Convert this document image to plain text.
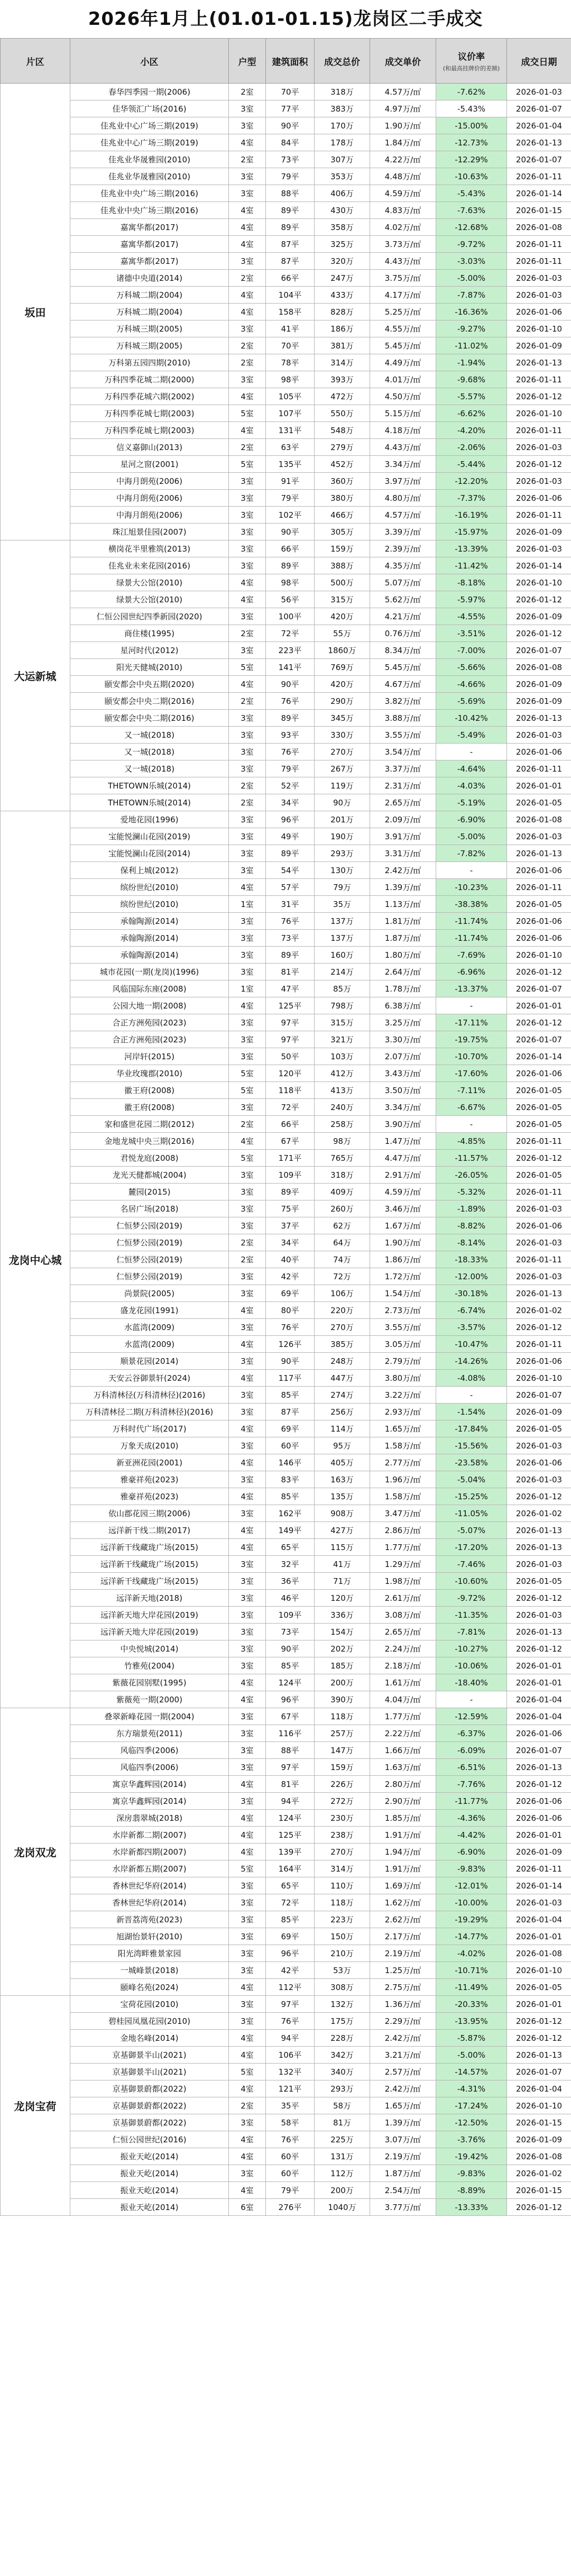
2026年1月上(01.01-01.15)龙岗区二手成交
片区	小区	户型	建筑面积	成交总价	成交单价	议价率
(和最高挂牌价的差额)	成交日期
坂田	春华四季园一期(2006)	2室	70平	318万	4.57万/㎡	-7.62%	2026-01-03
	佳华领汇广场(2016)	3室	77平	383万	4.97万/㎡	-5.43%	2026-01-07
	佳兆业中心广场三期(2019)	3室	90平	170万	1.90万/㎡	-15.00%	2026-01-04
	佳兆业中心广场三期(2019)	4室	84平	178万	1.84万/㎡	-12.73%	2026-01-13
	佳兆业华晟雅园(2010)	2室	73平	307万	4.22万/㎡	-12.29%	2026-01-07
	佳兆业华晟雅园(2010)	3室	79平	353万	4.48万/㎡	-10.63%	2026-01-11
	佳兆业中央广场三期(2016)	3室	88平	406万	4.59万/㎡	-5.43%	2026-01-14
	佳兆业中央广场三期(2016)	4室	89平	430万	4.83万/㎡	-7.63%	2026-01-15
	嘉寓华都(2017)	4室	89平	358万	4.02万/㎡	-12.68%	2026-01-08
	嘉寓华都(2017)	4室	87平	325万	3.73万/㎡	-9.72%	2026-01-11
	嘉寓华都(2017)	3室	87平	320万	4.43万/㎡	-3.03%	2026-01-11
	诸德中央道(2014)	2室	66平	247万	3.75万/㎡	-5.00%	2026-01-03
	万科城二期(2004)	4室	104平	433万	4.17万/㎡	-7.87%	2026-01-03
	万科城二期(2004)	4室	158平	828万	5.25万/㎡	-16.36%	2026-01-06
	万科城三期(2005)	3室	41平	186万	4.55万/㎡	-9.27%	2026-01-10
	万科城三期(2005)	2室	70平	381万	5.45万/㎡	-11.02%	2026-01-09
	万科第五园四期(2010)	2室	78平	314万	4.49万/㎡	-1.94%	2026-01-13
	万科四季花城二期(2000)	3室	98平	393万	4.01万/㎡	-9.68%	2026-01-11
	万科四季花城六期(2002)	4室	105平	472万	4.50万/㎡	-5.57%	2026-01-12
	万科四季花城七期(2003)	5室	107平	550万	5.15万/㎡	-6.62%	2026-01-10
	万科四季花城七期(2003)	4室	131平	548万	4.18万/㎡	-4.20%	2026-01-11
	信义嘉御山(2013)	2室	63平	279万	4.43万/㎡	-2.06%	2026-01-03
	星河之窗(2001)	5室	135平	452万	3.34万/㎡	-5.44%	2026-01-12
	中海月朗苑(2006)	3室	91平	360万	3.97万/㎡	-12.20%	2026-01-03
	中海月朗苑(2006)	3室	79平	380万	4.80万/㎡	-7.37%	2026-01-06
	中海月朗苑(2006)	3室	102平	466万	4.57万/㎡	-16.19%	2026-01-11
	珠江旭景佳园(2007)	3室	90平	305万	3.39万/㎡	-15.97%	2026-01-09
大运新城	横岗花半里雅筑(2013)	3室	66平	159万	2.39万/㎡	-13.39%	2026-01-03
	佳兆业未来花园(2016)	3室	89平	388万	4.35万/㎡	-11.42%	2026-01-14
	绿景大公馆(2010)	4室	98平	500万	5.07万/㎡	-8.18%	2026-01-10
	绿景大公馆(2010)	4室	56平	315万	5.62万/㎡	-5.97%	2026-01-12
	仁恒公园世纪四季新园(2020)	3室	100平	420万	4.21万/㎡	-4.55%	2026-01-09
	商住楼(1995)	2室	72平	55万	0.76万/㎡	-3.51%	2026-01-12
	星河时代(2012)	3室	223平	1860万	8.34万/㎡	-7.00%	2026-01-07
	阳光天健城(2010)	5室	141平	769万	5.45万/㎡	-5.66%	2026-01-08
	颐安都会中央五期(2020)	4室	90平	420万	4.67万/㎡	-4.66%	2026-01-09
	颐安都会中央二期(2016)	2室	76平	290万	3.82万/㎡	-5.69%	2026-01-09
	颐安都会中央二期(2016)	3室	89平	345万	3.88万/㎡	-10.42%	2026-01-13
	又一城(2018)	3室	93平	330万	3.55万/㎡	-5.49%	2026-01-03
	又一城(2018)	3室	76平	270万	3.54万/㎡	-	2026-01-06
	又一城(2018)	3室	79平	267万	3.37万/㎡	-4.64%	2026-01-11
	THETOWN乐城(2014)	2室	52平	119万	2.31万/㎡	-4.03%	2026-01-01
	THETOWN乐城(2014)	2室	34平	90万	2.65万/㎡	-5.19%	2026-01-05
龙岗中心城	爱地花园(1996)	3室	96平	201万	2.09万/㎡	-6.90%	2026-01-08
	宝能悦澜山花园(2019)	3室	49平	190万	3.91万/㎡	-5.00%	2026-01-03
	宝能悦澜山花园(2014)	3室	89平	293万	3.31万/㎡	-7.82%	2026-01-13
	保利上城(2012)	3室	54平	130万	2.42万/㎡	-	2026-01-06
	缤纷世纪(2010)	4室	57平	79万	1.39万/㎡	-10.23%	2026-01-11
	缤纷世纪(2010)	1室	31平	35万	1.13万/㎡	-38.38%	2026-01-05
	承翰陶源(2014)	3室	76平	137万	1.81万/㎡	-11.74%	2026-01-06
	承翰陶源(2014)	3室	73平	137万	1.87万/㎡	-11.74%	2026-01-06
	承翰陶源(2014)	3室	89平	160万	1.80万/㎡	-7.69%	2026-01-10
	城市花园(一期(龙岗)(1996)	3室	81平	214万	2.64万/㎡	-6.96%	2026-01-12
	风临国际东座(2008)	1室	47平	85万	1.78万/㎡	-13.37%	2026-01-07
	公园大地一期(2008)	4室	125平	798万	6.38万/㎡	-	2026-01-01
	合正方洲苑园(2023)	3室	97平	315万	3.25万/㎡	-17.11%	2026-01-12
	合正方洲苑园(2023)	3室	97平	321万	3.30万/㎡	-19.75%	2026-01-07
	河岸轩(2015)	3室	50平	103万	2.07万/㎡	-10.70%	2026-01-14
	华业玫瑰郡(2010)	5室	120平	412万	3.43万/㎡	-17.60%	2026-01-06
	徽王府(2008)	5室	118平	413万	3.50万/㎡	-7.11%	2026-01-05
	徽王府(2008)	3室	72平	240万	3.34万/㎡	-6.67%	2026-01-05
	家和盛世花园二期(2012)	2室	66平	258万	3.90万/㎡	-	2026-01-05
	金地龙城中央三期(2016)	4室	67平	98万	1.47万/㎡	-4.85%	2026-01-11
	君悦龙庭(2008)	5室	171平	765万	4.47万/㎡	-11.57%	2026-01-12
	龙光天健都城(2004)	3室	109平	318万	2.91万/㎡	-26.05%	2026-01-05
	麓园(2015)	3室	89平	409万	4.59万/㎡	-5.32%	2026-01-11
	名居广场(2018)	3室	75平	260万	3.46万/㎡	-1.89%	2026-01-03
	仁恒梦公园(2019)	3室	37平	62万	1.67万/㎡	-8.82%	2026-01-06
	仁恒梦公园(2019)	2室	34平	64万	1.90万/㎡	-8.14%	2026-01-03
	仁恒梦公园(2019)	2室	40平	74万	1.86万/㎡	-18.33%	2026-01-11
	仁恒梦公园(2019)	3室	42平	72万	1.72万/㎡	-12.00%	2026-01-03
	尚景院(2005)	3室	69平	106万	1.54万/㎡	-30.18%	2026-01-13
	盛龙花园(1991)	4室	80平	220万	2.73万/㎡	-6.74%	2026-01-02
	水蓝湾(2009)	3室	76平	270万	3.55万/㎡	-3.57%	2026-01-12
	水蓝湾(2009)	4室	126平	385万	3.05万/㎡	-10.47%	2026-01-11
	顺景花园(2014)	3室	90平	248万	2.79万/㎡	-14.26%	2026-01-06
	天安云谷御景轩(2024)	4室	117平	447万	3.80万/㎡	-4.08%	2026-01-10
	万科清林径(万科清林径)(2016)	3室	85平	274万	3.22万/㎡	-	2026-01-07
	万科清林径二期(万科清林径)(2016)	3室	87平	256万	2.93万/㎡	-1.54%	2026-01-09
	万科时代广场(2017)	4室	69平	114万	1.65万/㎡	-17.84%	2026-01-05
	万象天成(2010)	3室	60平	95万	1.58万/㎡	-15.56%	2026-01-03
	新亚洲花园(2001)	4室	146平	405万	2.77万/㎡	-23.58%	2026-01-06
	雅豪祥苑(2023)	3室	83平	163万	1.96万/㎡	-5.04%	2026-01-03
	雅豪祥苑(2023)	4室	85平	135万	1.58万/㎡	-15.25%	2026-01-12
	依山郡花园三期(2006)	3室	162平	908万	3.47万/㎡	-11.05%	2026-01-02
	远洋新干线二期(2017)	4室	149平	427万	2.86万/㎡	-5.07%	2026-01-13
	远洋新干线藏珑广场(2015)	4室	65平	115万	1.77万/㎡	-17.20%	2026-01-13
	远洋新干线藏珑广场(2015)	3室	32平	41万	1.29万/㎡	-7.46%	2026-01-03
	远洋新干线藏珑广场(2015)	3室	36平	71万	1.98万/㎡	-10.60%	2026-01-05
	远洋新天地(2018)	3室	46平	120万	2.61万/㎡	-9.72%	2026-01-12
	远洋新天地大岸花园(2019)	3室	109平	336万	3.08万/㎡	-11.35%	2026-01-03
	远洋新天地大岸花园(2019)	3室	73平	154万	2.65万/㎡	-7.81%	2026-01-13
	中央悦城(2014)	3室	90平	202万	2.24万/㎡	-10.27%	2026-01-12
	竹雅苑(2004)	3室	85平	185万	2.18万/㎡	-10.06%	2026-01-01
	紫薇花园别墅(1995)	4室	124平	200万	1.61万/㎡	-18.40%	2026-01-01
	紫薇苑一期(2000)	4室	96平	390万	4.04万/㎡	-	2026-01-04
龙岗双龙	叠翠新峰花园一期(2004)	3室	67平	118万	1.77万/㎡	-12.59%	2026-01-04
	东方瑞景苑(2011)	3室	116平	257万	2.22万/㎡	-6.37%	2026-01-06
	风临四季(2006)	3室	88平	147万	1.66万/㎡	-6.09%	2026-01-07
	风临四季(2006)	3室	97平	159万	1.63万/㎡	-6.51%	2026-01-13
	寓京华鑫辉园(2014)	4室	81平	226万	2.80万/㎡	-7.76%	2026-01-12
	寓京华鑫辉园(2014)	3室	94平	272万	2.90万/㎡	-11.77%	2026-01-06
	深房翡翠城(2018)	4室	124平	230万	1.85万/㎡	-4.36%	2026-01-06
	水岸新都二期(2007)	4室	125平	238万	1.91万/㎡	-4.42%	2026-01-01
	水岸新都四期(2007)	4室	139平	270万	1.94万/㎡	-6.90%	2026-01-09
	水岸新都五期(2007)	5室	164平	314万	1.91万/㎡	-9.83%	2026-01-11
	香林世纪华府(2014)	3室	65平	110万	1.69万/㎡	-12.01%	2026-01-14
	香林世纪华府(2014)	3室	72平	118万	1.62万/㎡	-10.00%	2026-01-03
	新晋荔湾苑(2023)	3室	85平	223万	2.62万/㎡	-19.29%	2026-01-04
	旭湖怡景轩(2010)	3室	69平	150万	2.17万/㎡	-14.77%	2026-01-01
	阳光湾畔雅景家园	3室	96平	210万	2.19万/㎡	-4.02%	2026-01-08
	一城峰景(2018)	3室	42平	53万	1.25万/㎡	-10.71%	2026-01-10
	颐峰名苑(2024)	4室	112平	308万	2.75万/㎡	-11.49%	2026-01-05
龙岗宝荷	宝荷花园(2010)	3室	97平	132万	1.36万/㎡	-20.33%	2026-01-01
	碧桂园凤凰花园(2010)	3室	76平	175万	2.29万/㎡	-13.95%	2026-01-12
	金地名峰(2014)	4室	94平	228万	2.42万/㎡	-5.87%	2026-01-12
	京基御景半山(2021)	4室	106平	342万	3.21万/㎡	-5.00%	2026-01-13
	京基御景半山(2021)	5室	132平	340万	2.57万/㎡	-14.57%	2026-01-07
	京基御景蔚都(2022)	4室	121平	293万	2.42万/㎡	-4.31%	2026-01-04
	京基御景蔚都(2022)	2室	35平	58万	1.65万/㎡	-17.24%	2026-01-10
	京基御景蔚都(2022)	3室	58平	81万	1.39万/㎡	-12.50%	2026-01-15
	仁恒公园世纪(2016)	4室	76平	225万	3.07万/㎡	-3.76%	2026-01-09
	振业天屹(2014)	4室	60平	131万	2.19万/㎡	-19.42%	2026-01-08
	振业天屹(2014)	3室	60平	112万	1.87万/㎡	-9.83%	2026-01-02
	振业天屹(2014)	4室	79平	200万	2.54万/㎡	-8.89%	2026-01-15
	振业天屹(2014)	6室	276平	1040万	3.77万/㎡	-13.33%	2026-01-12
